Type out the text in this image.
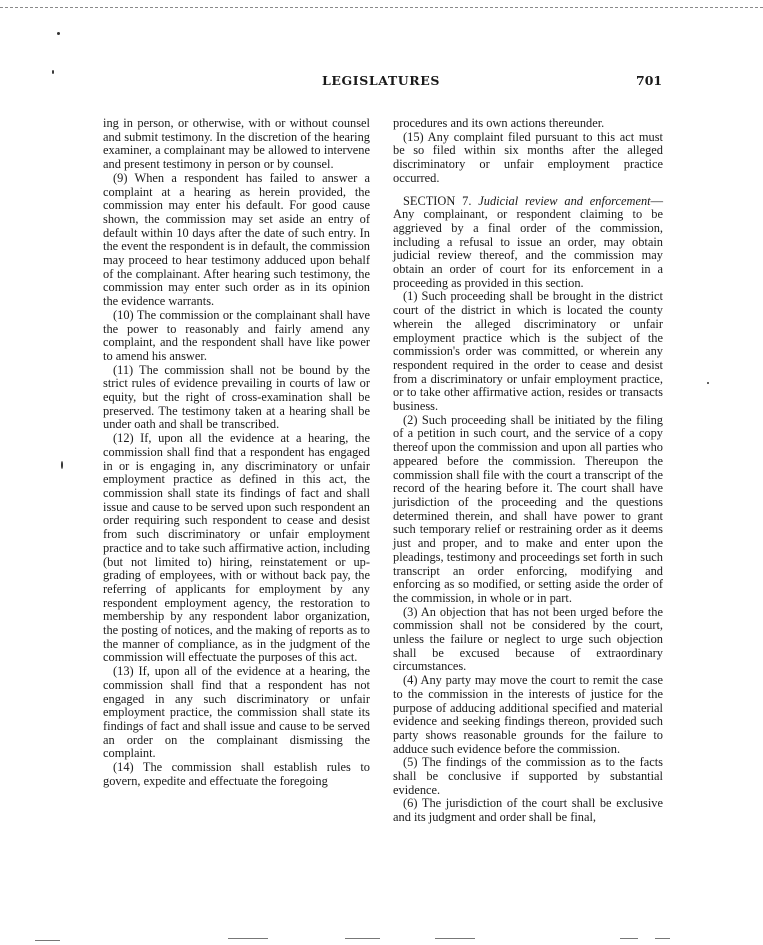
LEGISLATURES	701

ing in person, or otherwise, with or without counsel and submit testimony. In the discretion of the hearing examiner, a complainant may be allowed to intervene and present testimony in person or by counsel.

(9) When a respondent has failed to answer a complaint at a hearing as herein provided, the commission may enter his default. For good cause shown, the commission may set aside an entry of default within 10 days after the date of such entry. In the event the respondent is in default, the commission may proceed to hear testimony adduced upon behalf of the complainant. After hearing such testimony, the commission may enter such order as in its opinion the evidence warrants.

(10) The commission or the complainant shall have the power to reasonably and fairly amend any complaint, and the respondent shall have like power to amend his answer.

(11) The commission shall not be bound by the strict rules of evidence prevailing in courts of law or equity, but the right of cross-examination shall be preserved. The testimony taken at a hearing shall be under oath and shall be transcribed.

(12) If, upon all the evidence at a hearing, the commission shall find that a respondent has engaged in or is engaging in, any discriminatory or unfair employment practice as defined in this act, the commission shall state its findings of fact and shall issue and cause to be served upon such respondent an order requiring such respondent to cease and desist from such discriminatory or unfair employment practice and to take such affirmative action, including (but not limited to) hiring, reinstatement or up-grading of employees, with or without back pay, the referring of applicants for employment by any respondent employment agency, the restoration to membership by any respondent labor organization, the posting of notices, and the making of reports as to the manner of compliance, as in the judgment of the commission will effectuate the purposes of this act.

(13) If, upon all of the evidence at a hearing, the commission shall find that a respondent has not engaged in any such discriminatory or unfair employment practice, the commission shall state its findings of fact and shall issue and cause to be served an order on the complainant dismissing the complaint.

(14) The commission shall establish rules to govern, expedite and effectuate the foregoing

procedures and its own actions thereunder.

(15) Any complaint filed pursuant to this act must be so filed within six months after the alleged discriminatory or unfair employment practice occurred.

SECTION 7. Judicial review and enforcement—Any complainant, or respondent claiming to be aggrieved by a final order of the commission, including a refusal to issue an order, may obtain judicial review thereof, and the commission may obtain an order of court for its enforcement in a proceeding as provided in this section.

(1) Such proceeding shall be brought in the district court of the district in which is located the county wherein the alleged discriminatory or unfair employment practice which is the subject of the commission's order was committed, or wherein any respondent required in the order to cease and desist from a discriminatory or unfair employment practice, or to take other affirmative action, resides or transacts business.

(2) Such proceeding shall be initiated by the filing of a petition in such court, and the service of a copy thereof upon the commission and upon all parties who appeared before the commission. Thereupon the commission shall file with the court a transcript of the record of the hearing before it. The court shall have jurisdiction of the proceeding and the questions determined therein, and shall have power to grant such temporary relief or restraining order as it deems just and proper, and to make and enter upon the pleadings, testimony and proceedings set forth in such transcript an order enforcing, modifying and enforcing as so modified, or setting aside the order of the commission, in whole or in part.

(3) An objection that has not been urged before the commission shall not be considered by the court, unless the failure or neglect to urge such objection shall be excused because of extraordinary circumstances.

(4) Any party may move the court to remit the case to the commission in the interests of justice for the purpose of adducing additional specified and material evidence and seeking findings thereon, provided such party shows reasonable grounds for the failure to adduce such evidence before the commission.

(5) The findings of the commission as to the facts shall be conclusive if supported by substantial evidence.

(6) The jurisdiction of the court shall be exclusive and its judgment and order shall be final,
